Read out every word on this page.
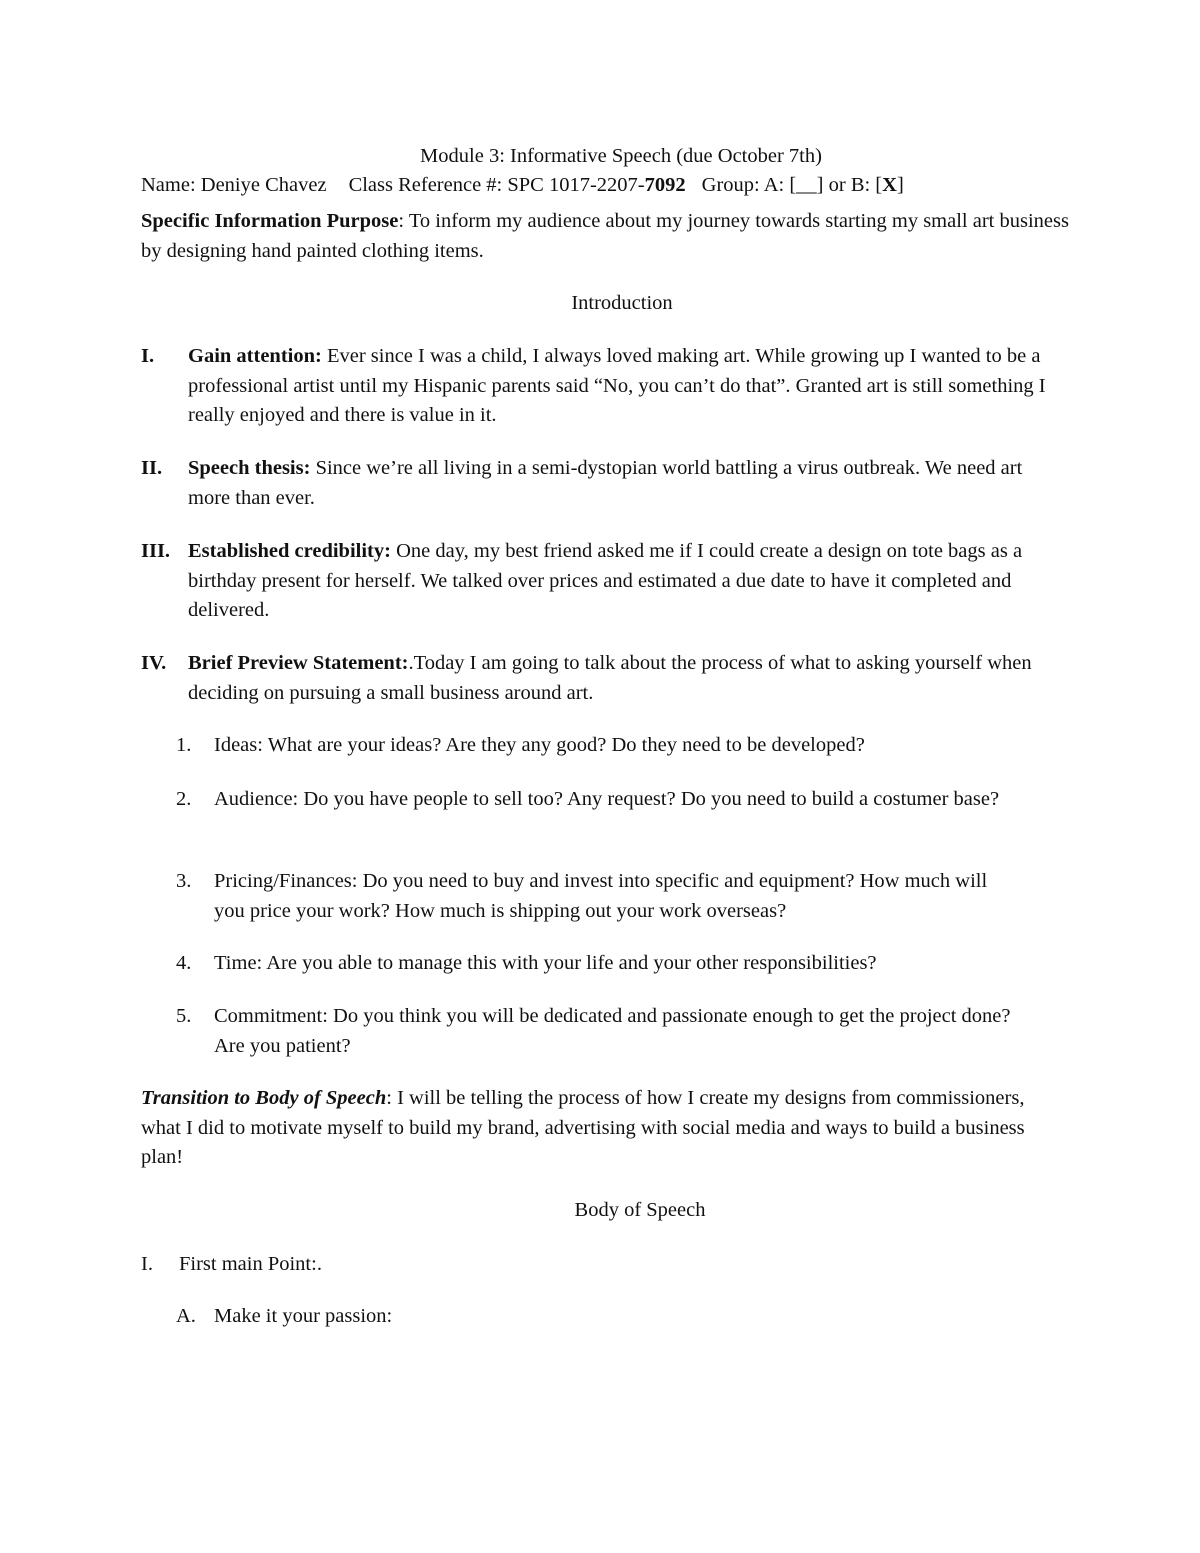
Module 3: Informative Speech (due October 7th)
Name: Deniye Chavez Class Reference #: SPC 1017-2207-7092 Group: A: [__] or B: [X]
Specific Information Purpose: To inform my audience about my journey towards starting my small art business by designing hand painted clothing items.
Introduction
I.	Gain attention: Ever since I was a child, I always loved making art. While growing up I wanted to be a professional artist until my Hispanic parents said “No, you can’t do that”. Granted art is still something I really enjoyed and there is value in it.
II.	Speech thesis: Since we’re all living in a semi-dystopian world battling a virus outbreak. We need art more than ever.
III. Established credibility: One day, my best friend asked me if I could create a design on tote bags as a birthday present for herself. We talked over prices and estimated a due date to have it completed and delivered.
IV.	Brief Preview Statement:.Today I am going to talk about the process of what to asking yourself when deciding on pursuing a small business around art.
1.	Ideas: What are your ideas? Are they any good? Do they need to be developed?
2.	Audience: Do you have people to sell too? Any request? Do you need to build a costumer base?
3.	Pricing/Finances: Do you need to buy and invest into specific and equipment? How much will you price your work? How much is shipping out your work overseas?
4.	Time: Are you able to manage this with your life and your other responsibilities?
5.	Commitment: Do you think you will be dedicated and passionate enough to get the project done? Are you patient?
Transition to Body of Speech: I will be telling the process of how I create my designs from commissioners, what I did to motivate myself to build my brand, advertising with social media and ways to build a business plan!
Body of Speech
I.	First main Point:.
A. Make it your passion:
